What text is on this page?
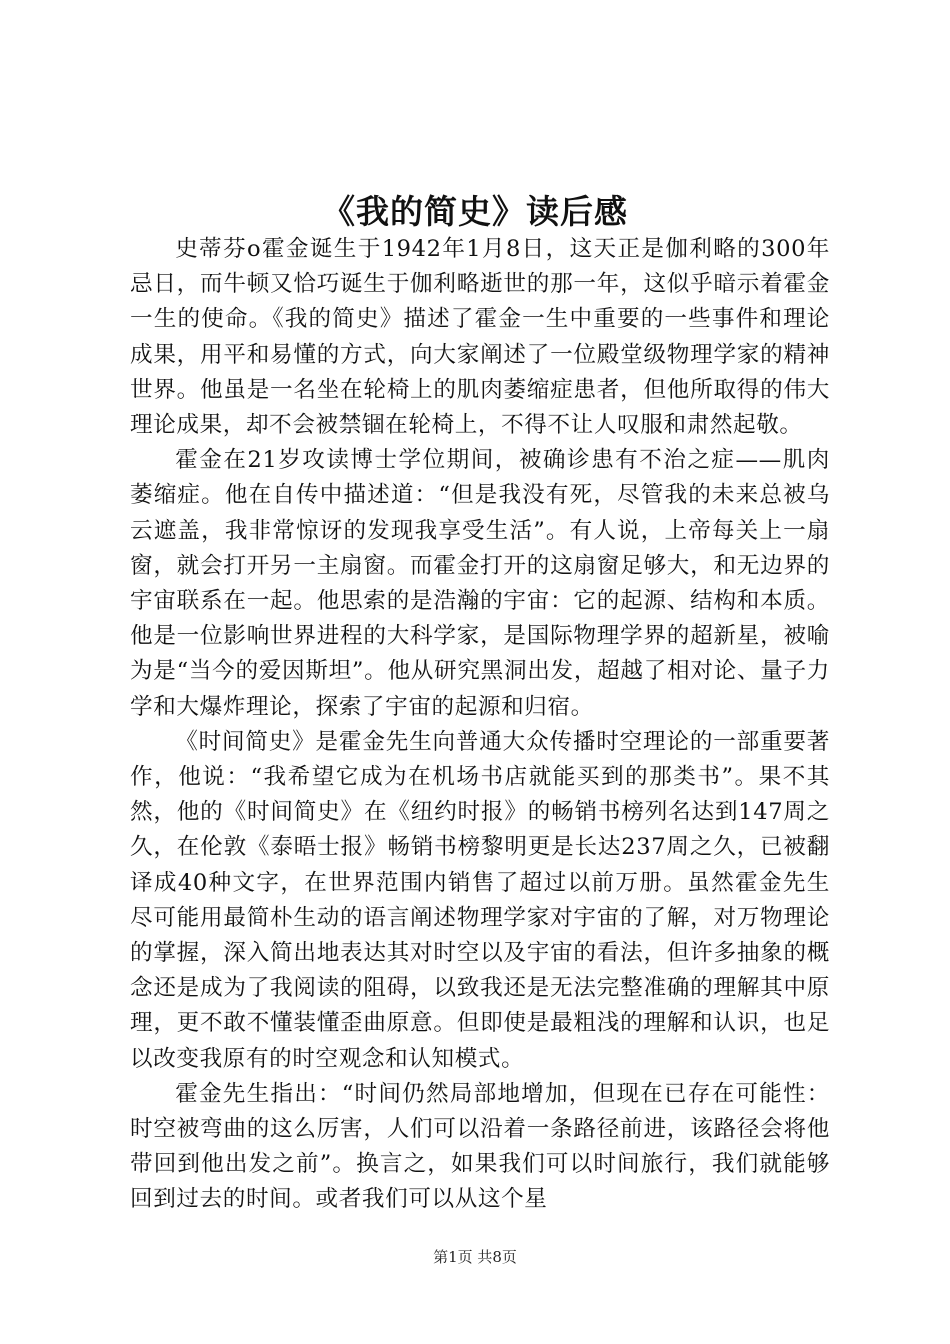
《我的简史》读后感

史蒂芬o霍金诞生于1942年1月8日，这天正是伽利略的300年忌日，而牛顿又恰巧诞生于伽利略逝世的那一年，这似乎暗示着霍金一生的使命。《我的简史》描述了霍金一生中重要的一些事件和理论成果，用平和易懂的方式，向大家阐述了一位殿堂级物理学家的精神世界。他虽是一名坐在轮椅上的肌肉萎缩症患者，但他所取得的伟大理论成果，却不会被禁锢在轮椅上，不得不让人叹服和肃然起敬。

霍金在21岁攻读博士学位期间，被确诊患有不治之症——肌肉萎缩症。他在自传中描述道：“但是我没有死，尽管我的未来总被乌云遮盖，我非常惊讶的发现我享受生活”。有人说，上帝每关上一扇窗，就会打开另一主扇窗。而霍金打开的这扇窗足够大，和无边界的宇宙联系在一起。他思索的是浩瀚的宇宙：它的起源、结构和本质。他是一位影响世界进程的大科学家，是国际物理学界的超新星，被喻为是“当今的爱因斯坦”。他从研究黑洞出发，超越了相对论、量子力学和大爆炸理论，探索了宇宙的起源和归宿。

《时间简史》是霍金先生向普通大众传播时空理论的一部重要著作，他说：“我希望它成为在机场书店就能买到的那类书”。果不其然，他的《时间简史》在《纽约时报》的畅销书榜列名达到147周之久，在伦敦《泰晤士报》畅销书榜黎明更是长达237周之久，已被翻译成40种文字，在世界范围内销售了超过以前万册。虽然霍金先生尽可能用最简朴生动的语言阐述物理学家对宇宙的了解，对万物理论的掌握，深入简出地表达其对时空以及宇宙的看法，但许多抽象的概念还是成为了我阅读的阻碍，以致我还是无法完整准确的理解其中原理，更不敢不懂装懂歪曲原意。但即使是最粗浅的理解和认识，也足以改变我原有的时空观念和认知模式。

霍金先生指出：“时间仍然局部地增加，但现在已存在可能性：时空被弯曲的这么厉害，人们可以沿着一条路径前进，该路径会将他带回到他出发之前”。换言之，如果我们可以时间旅行，我们就能够回到过去的时间。或者我们可以从这个星

第1页 共8页
